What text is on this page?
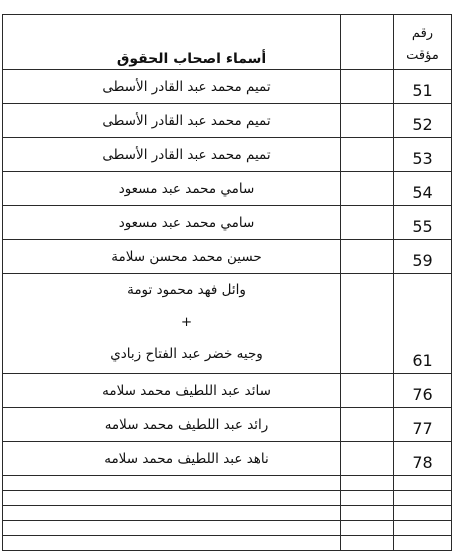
أسماء اصحاب الحقوق		رقم
مؤقت

تميم محمد عبد القادر الأسطى		51
تميم محمد عبد القادر الأسطى		52
تميم محمد عبد القادر الأسطى		53
سامي محمد عبد مسعود		54
سامي محمد عبد مسعود		55
حسين محمد محسن سلامة		59

وائل فهد محمود تومة
+
وجيه خضر عبد الفتاح زبادي		61
سائد عبد اللطيف محمد سلامه		76
رائد عبد اللطيف محمد سلامه		77
ناهد عبد اللطيف محمد سلامه		78
